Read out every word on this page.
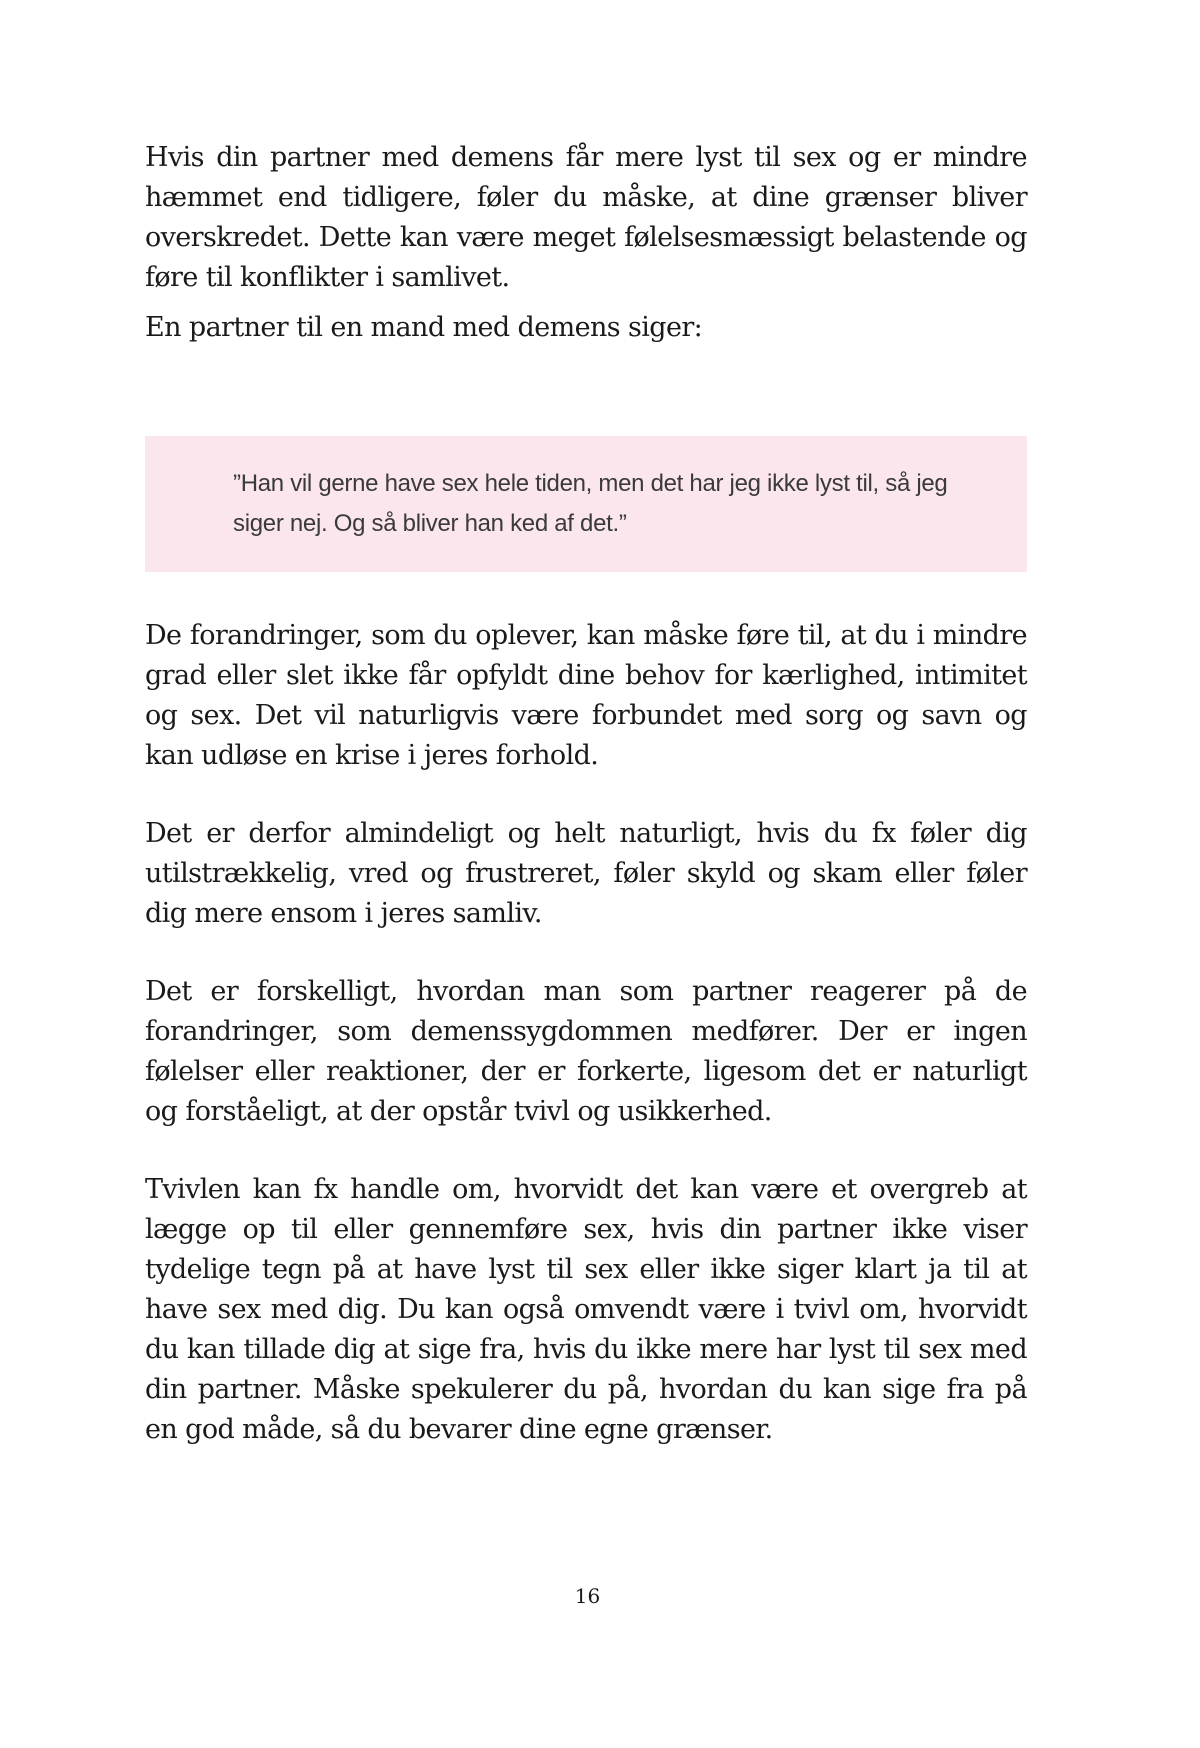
Hvis din partner med demens får mere lyst til sex og er mindre hæmmet end tidligere, føler du måske, at dine grænser bliver overskredet. Dette kan være meget følelsesmæssigt belastende og føre til konflikter i samlivet.

En partner til en mand med demens siger:

”Han vil gerne have sex hele tiden, men det har jeg ikke lyst til, så jeg siger nej. Og så bliver han ked af det.”

De forandringer, som du oplever, kan måske føre til, at du i mindre grad eller slet ikke får opfyldt dine behov for kærlighed, intimitet og sex. Det vil naturligvis være forbundet med sorg og savn og kan udløse en krise i jeres forhold.

Det er derfor almindeligt og helt naturligt, hvis du fx føler dig utilstrækkelig, vred og frustreret, føler skyld og skam eller føler dig mere ensom i jeres samliv.

Det er forskelligt, hvordan man som partner reagerer på de forandringer, som demenssygdommen medfører. Der er ingen følelser eller reaktioner, der er forkerte, ligesom det er naturligt og forståeligt, at der opstår tvivl og usikkerhed.

Tvivlen kan fx handle om, hvorvidt det kan være et overgreb at lægge op til eller gennemføre sex, hvis din partner ikke viser tydelige tegn på at have lyst til sex eller ikke siger klart ja til at have sex med dig. Du kan også omvendt være i tvivl om, hvorvidt du kan tillade dig at sige fra, hvis du ikke mere har lyst til sex med din partner. Måske spekulerer du på, hvordan du kan sige fra på en god måde, så du bevarer dine egne grænser.

16
